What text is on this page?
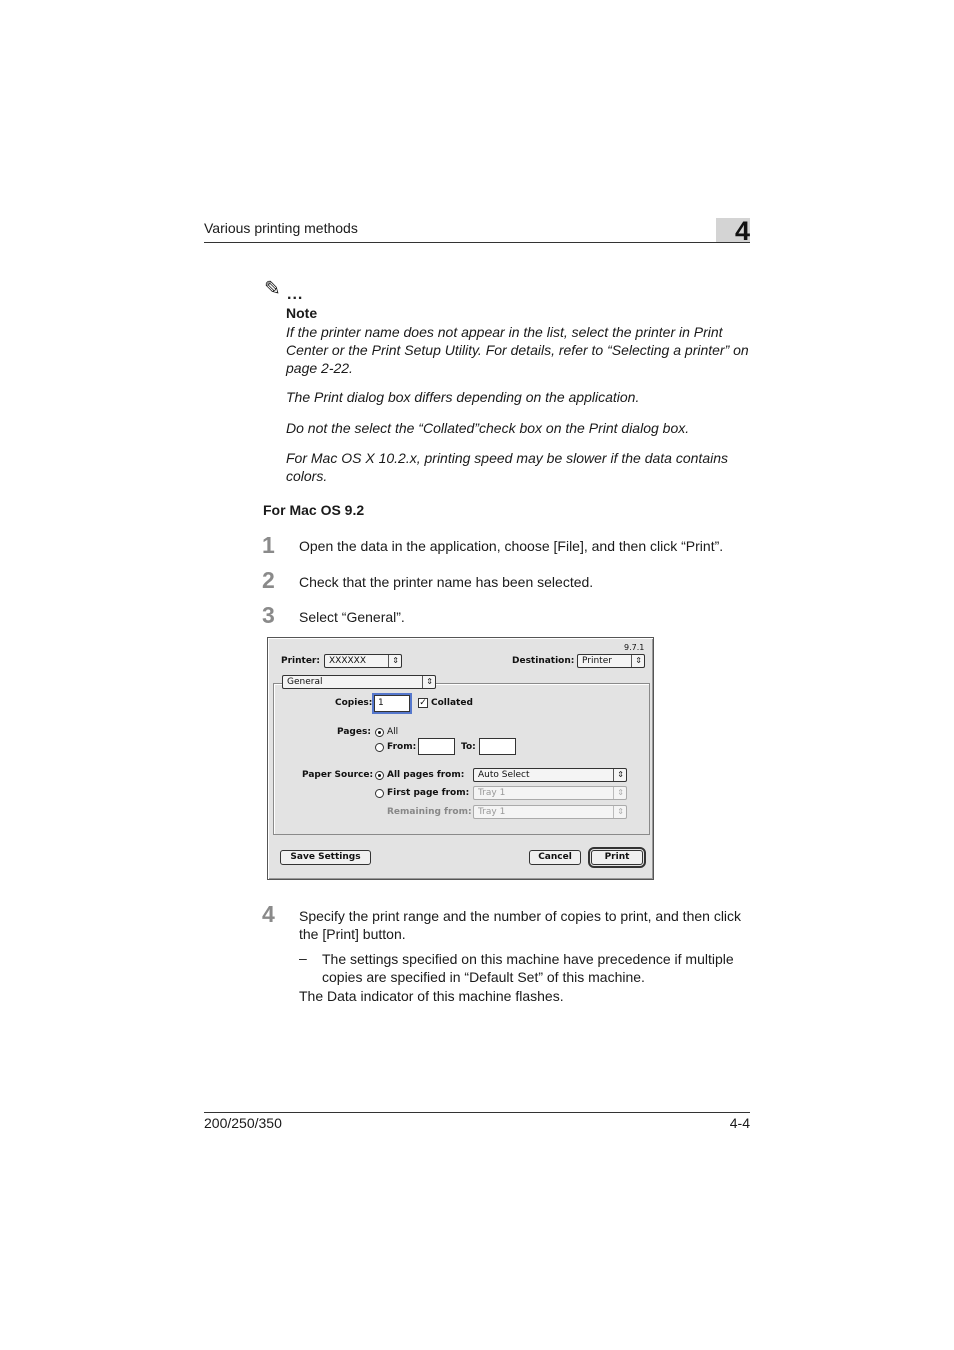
Various printing methods	4
✎ ...
Note
If the printer name does not appear in the list, select the printer in Print Center or the Print Setup Utility. For details, refer to “Selecting a printer” on page 2-22.
The Print dialog box differs depending on the application.
Do not the select the “Collated”check box on the Print dialog box.
For Mac OS X 10.2.x, printing speed may be slower if the data contains colors.
For Mac OS 9.2
1 Open the data in the application, choose [File], and then click “Print”.
2 Check that the printer name has been selected.
3 Select “General”.
9.7.1
Printer:	XXXXXX	⇕	Destination: Printer	⇕
General	⇕
Copies: 1	✓ Collated
Pages: All
From:	To:
Paper Source: All pages from:	Auto Select	⇕
First page from: Tray 1	⇕
Remaining from: Tray 1	⇕
Save Settings	Cancel	Print
4 Specify the print range and the number of copies to print, and then click the [Print] button.
– The settings specified on this machine have precedence if multiple copies are specified in “Default Set” of this machine.
The Data indicator of this machine flashes.
200/250/350	4-4
